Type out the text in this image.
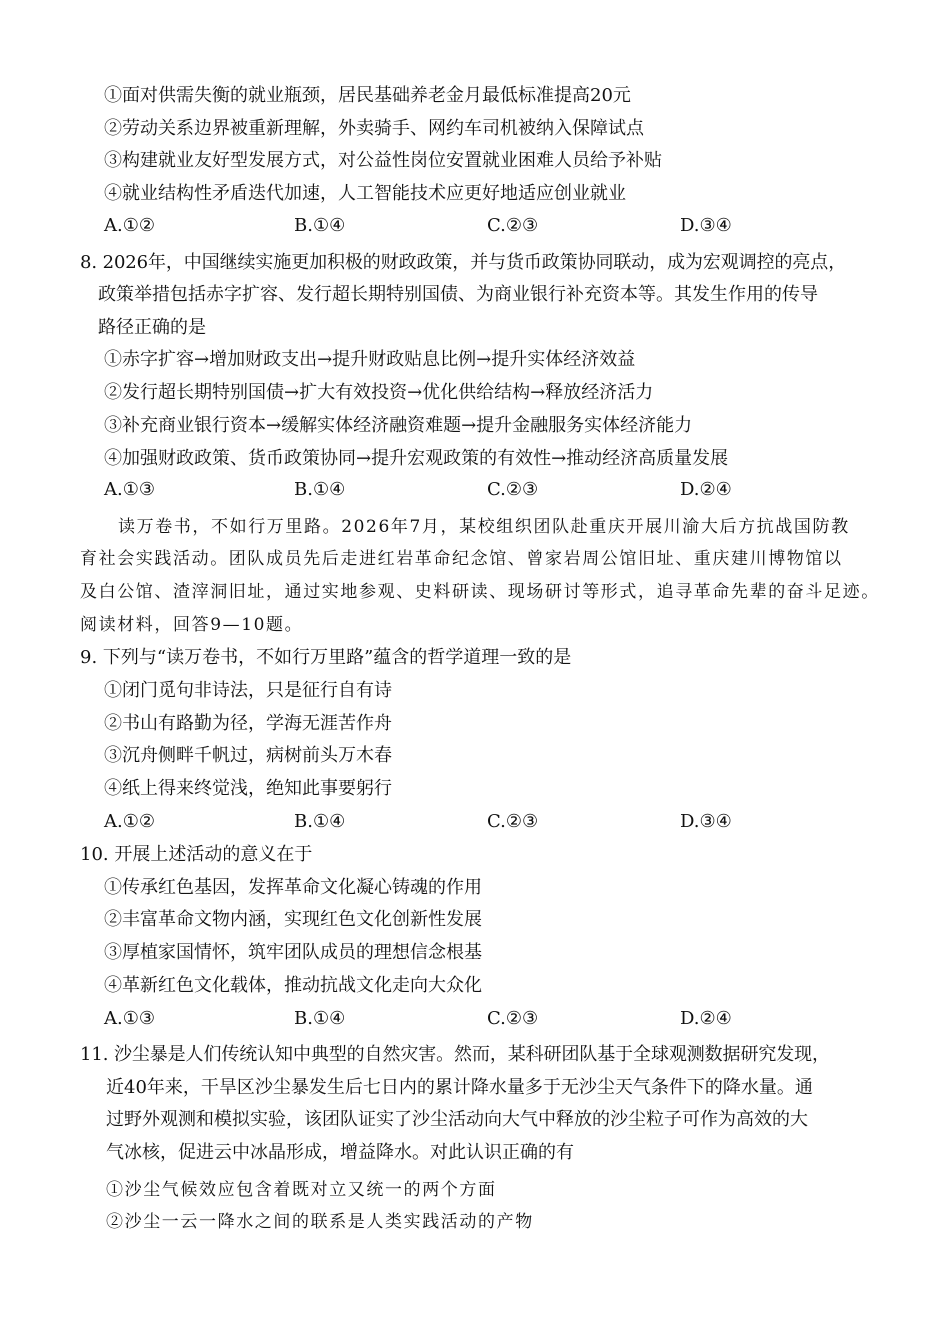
①面对供需失衡的就业瓶颈，居民基础养老金月最低标准提高20元
②劳动关系边界被重新理解，外卖骑手、网约车司机被纳入保障试点
③构建就业友好型发展方式，对公益性岗位安置就业困难人员给予补贴
④就业结构性矛盾迭代加速，人工智能技术应更好地适应创业就业
A.①②	B.①④	C.②③	D.③④
8. 2026年，中国继续实施更加积极的财政政策，并与货币政策协同联动，成为宏观调控的亮点，
政策举措包括赤字扩容、发行超长期特别国债、为商业银行补充资本等。其发生作用的传导
路径正确的是
①赤字扩容→增加财政支出→提升财政贴息比例→提升实体经济效益
②发行超长期特别国债→扩大有效投资→优化供给结构→释放经济活力
③补充商业银行资本→缓解实体经济融资难题→提升金融服务实体经济能力
④加强财政政策、货币政策协同→提升宏观政策的有效性→推动经济高质量发展
A.①③	B.①④	C.②③	D.②④
读万卷书，不如行万里路。2026年7月，某校组织团队赴重庆开展川渝大后方抗战国防教
育社会实践活动。团队成员先后走进红岩革命纪念馆、曾家岩周公馆旧址、重庆建川博物馆以
及白公馆、渣滓洞旧址，通过实地参观、史料研读、现场研讨等形式，追寻革命先辈的奋斗足迹。
阅读材料，回答9—10题。
9. 下列与“读万卷书，不如行万里路”蕴含的哲学道理一致的是
①闭门觅句非诗法，只是征行自有诗
②书山有路勤为径，学海无涯苦作舟
③沉舟侧畔千帆过，病树前头万木春
④纸上得来终觉浅，绝知此事要躬行
A.①②	B.①④	C.②③	D.③④
10. 开展上述活动的意义在于
①传承红色基因，发挥革命文化凝心铸魂的作用
②丰富革命文物内涵，实现红色文化创新性发展
③厚植家国情怀，筑牢团队成员的理想信念根基
④革新红色文化载体，推动抗战文化走向大众化
A.①③	B.①④	C.②③	D.②④
11. 沙尘暴是人们传统认知中典型的自然灾害。然而，某科研团队基于全球观测数据研究发现，
近40年来，干旱区沙尘暴发生后七日内的累计降水量多于无沙尘天气条件下的降水量。通
过野外观测和模拟实验，该团队证实了沙尘活动向大气中释放的沙尘粒子可作为高效的大
气冰核，促进云中冰晶形成，增益降水。对此认识正确的有
①沙尘气候效应包含着既对立又统一的两个方面
②沙尘一云一降水之间的联系是人类实践活动的产物
